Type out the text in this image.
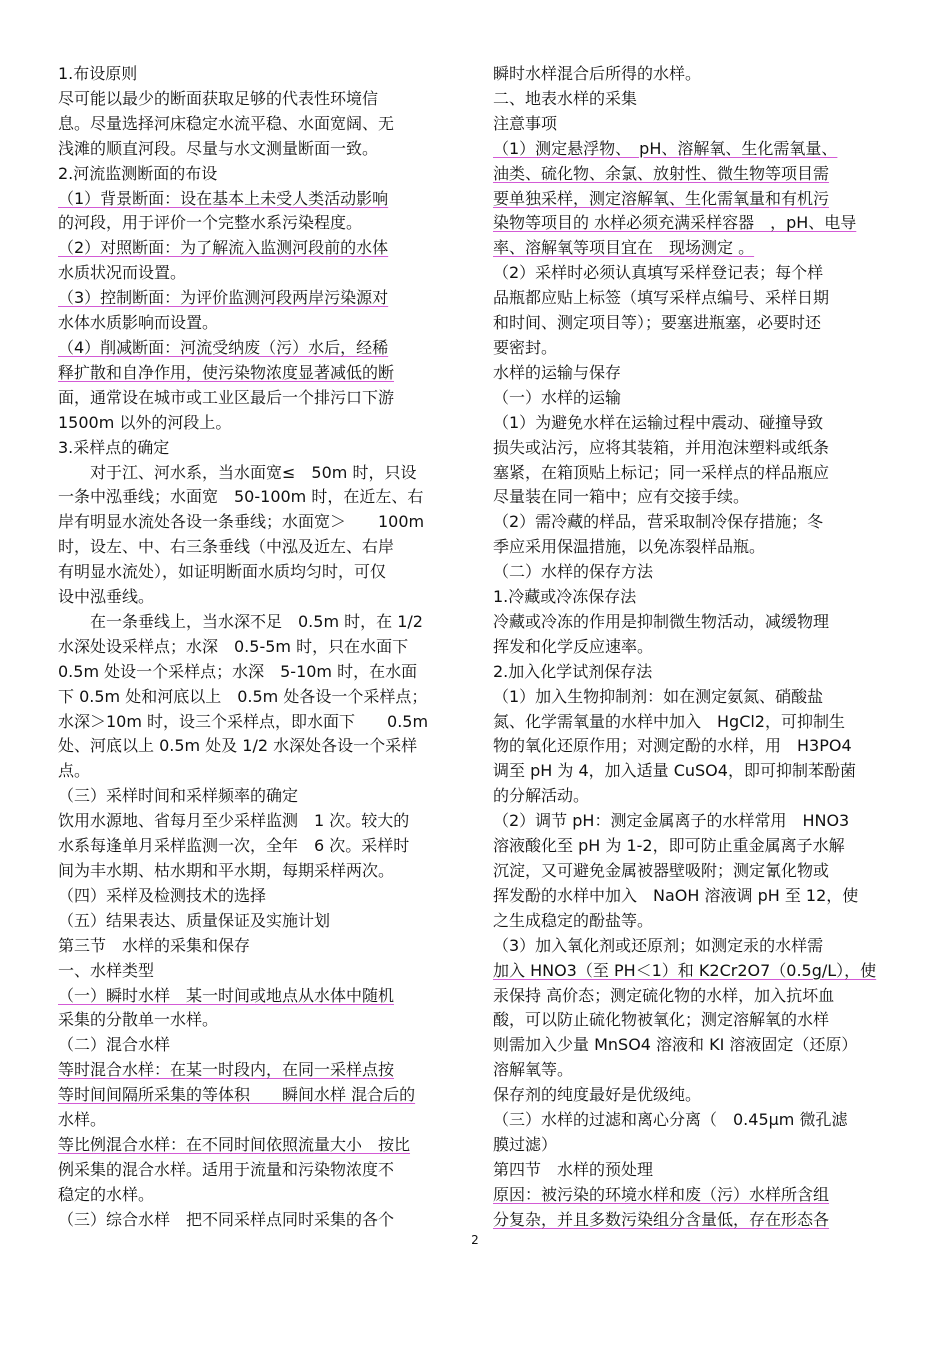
1.布设原则
尽可能以最少的断面获取足够的代表性环境信
息。尽量选择河床稳定水流平稳、水面宽阔、无
浅滩的顺直河段。尽量与水文测量断面一致。
2.河流监测断面的布设
（1）背景断面：设在基本上未受人类活动影响
的河段，用于评价一个完整水系污染程度。
（2）对照断面：为了解流入监测河段前的水体
水质状况而设置。
（3）控制断面：为评价监测河段两岸污染源对
水体水质影响而设置。
（4）削减断面：河流受纳废（污）水后，经稀
释扩散和自净作用，使污染物浓度显著减低的断
面，通常设在城市或工业区最后一个排污口下游
1500m 以外的河段上。
3.采样点的确定
　　对于江、河水系，当水面宽≤　50m 时，只设
一条中泓垂线；水面宽　50-100m 时，在近左、右
岸有明显水流处各设一条垂线；水面宽＞　　100m
时，设左、中、右三条垂线（中泓及近左、右岸
有明显水流处），如证明断面水质均匀时，可仅
设中泓垂线。
　　在一条垂线上，当水深不足　0.5m 时，在 1/2
水深处设采样点；水深　0.5-5m 时，只在水面下
0.5m 处设一个采样点；水深　5-10m 时，在水面
下 0.5m 处和河底以上　0.5m 处各设一个采样点；
水深＞10m 时，设三个采样点，即水面下　　0.5m
处、河底以上 0.5m 处及 1/2 水深处各设一个采样
点。
（三）采样时间和采样频率的确定
饮用水源地、省每月至少采样监测　1 次。较大的
水系每逢单月采样监测一次，全年　6 次。采样时
间为丰水期、枯水期和平水期，每期采样两次。
（四）采样及检测技术的选择
（五）结果表达、质量保证及实施计划
第三节　水样的采集和保存
一、水样类型
（一）瞬时水样　某一时间或地点从水体中随机
采集的分散单一水样。
（二）混合水样
等时混合水样：在某一时段内，在同一采样点按
等时间间隔所采集的等体积　　瞬间水样 混合后的
水样。
等比例混合水样：在不同时间依照流量大小　按比
例采集的混合水样。适用于流量和污染物浓度不
稳定的水样。
（三）综合水样　把不同采样点同时采集的各个
瞬时水样混合后所得的水样。
二、地表水样的采集
注意事项
（1）测定悬浮物、　pH、溶解氧、生化需氧量、
油类、硫化物、余氯、放射性、微生物等项目需
要单独采样，测定溶解氧、生化需氧量和有机污
染物等项目的 水样必须充满采样容器　，pH、电导
率、溶解氧等项目宜在　现场测定 。
（2）采样时必须认真填写采样登记表；每个样
品瓶都应贴上标签（填写采样点编号、采样日期
和时间、测定项目等）；要塞进瓶塞，必要时还
要密封。
水样的运输与保存
（一）水样的运输
（1）为避免水样在运输过程中震动、碰撞导致
损失或沾污，应将其装箱，并用泡沫塑料或纸条
塞紧，在箱顶贴上标记；同一采样点的样品瓶应
尽量装在同一箱中；应有交接手续。
（2）需冷藏的样品，营采取制冷保存措施；冬
季应采用保温措施，以免冻裂样品瓶。
（二）水样的保存方法
1.冷藏或冷冻保存法
冷藏或冷冻的作用是抑制微生物活动，减缓物理
挥发和化学反应速率。
2.加入化学试剂保存法
（1）加入生物抑制剂：如在测定氨氮、硝酸盐
氮、化学需氧量的水样中加入　HgCl2，可抑制生
物的氧化还原作用；对测定酚的水样，用　H3PO4
调至 pH 为 4，加入适量 CuSO4，即可抑制苯酚菌
的分解活动。
（2）调节 pH：测定金属离子的水样常用　HNO3
溶液酸化至 pH 为 1-2，即可防止重金属离子水解
沉淀，又可避免金属被器壁吸附；测定氰化物或
挥发酚的水样中加入　NaOH 溶液调 pH 至 12，使
之生成稳定的酚盐等。
（3）加入氧化剂或还原剂；如测定汞的水样需
加入 HNO3（至 PH＜1）和 K2Cr2O7（0.5g/L），使
汞保持 高价态；测定硫化物的水样，加入抗坏血
酸，可以防止硫化物被氧化；测定溶解氧的水样
则需加入少量 MnSO4 溶液和 KI 溶液固定（还原）
溶解氧等。
保存剂的纯度最好是优级纯。
（三）水样的过滤和离心分离（　0.45μm 微孔滤
膜过滤）
第四节　水样的预处理
原因：被污染的环境水样和废（污）水样所含组
分复杂，并且多数污染组分含量低，存在形态各
2
